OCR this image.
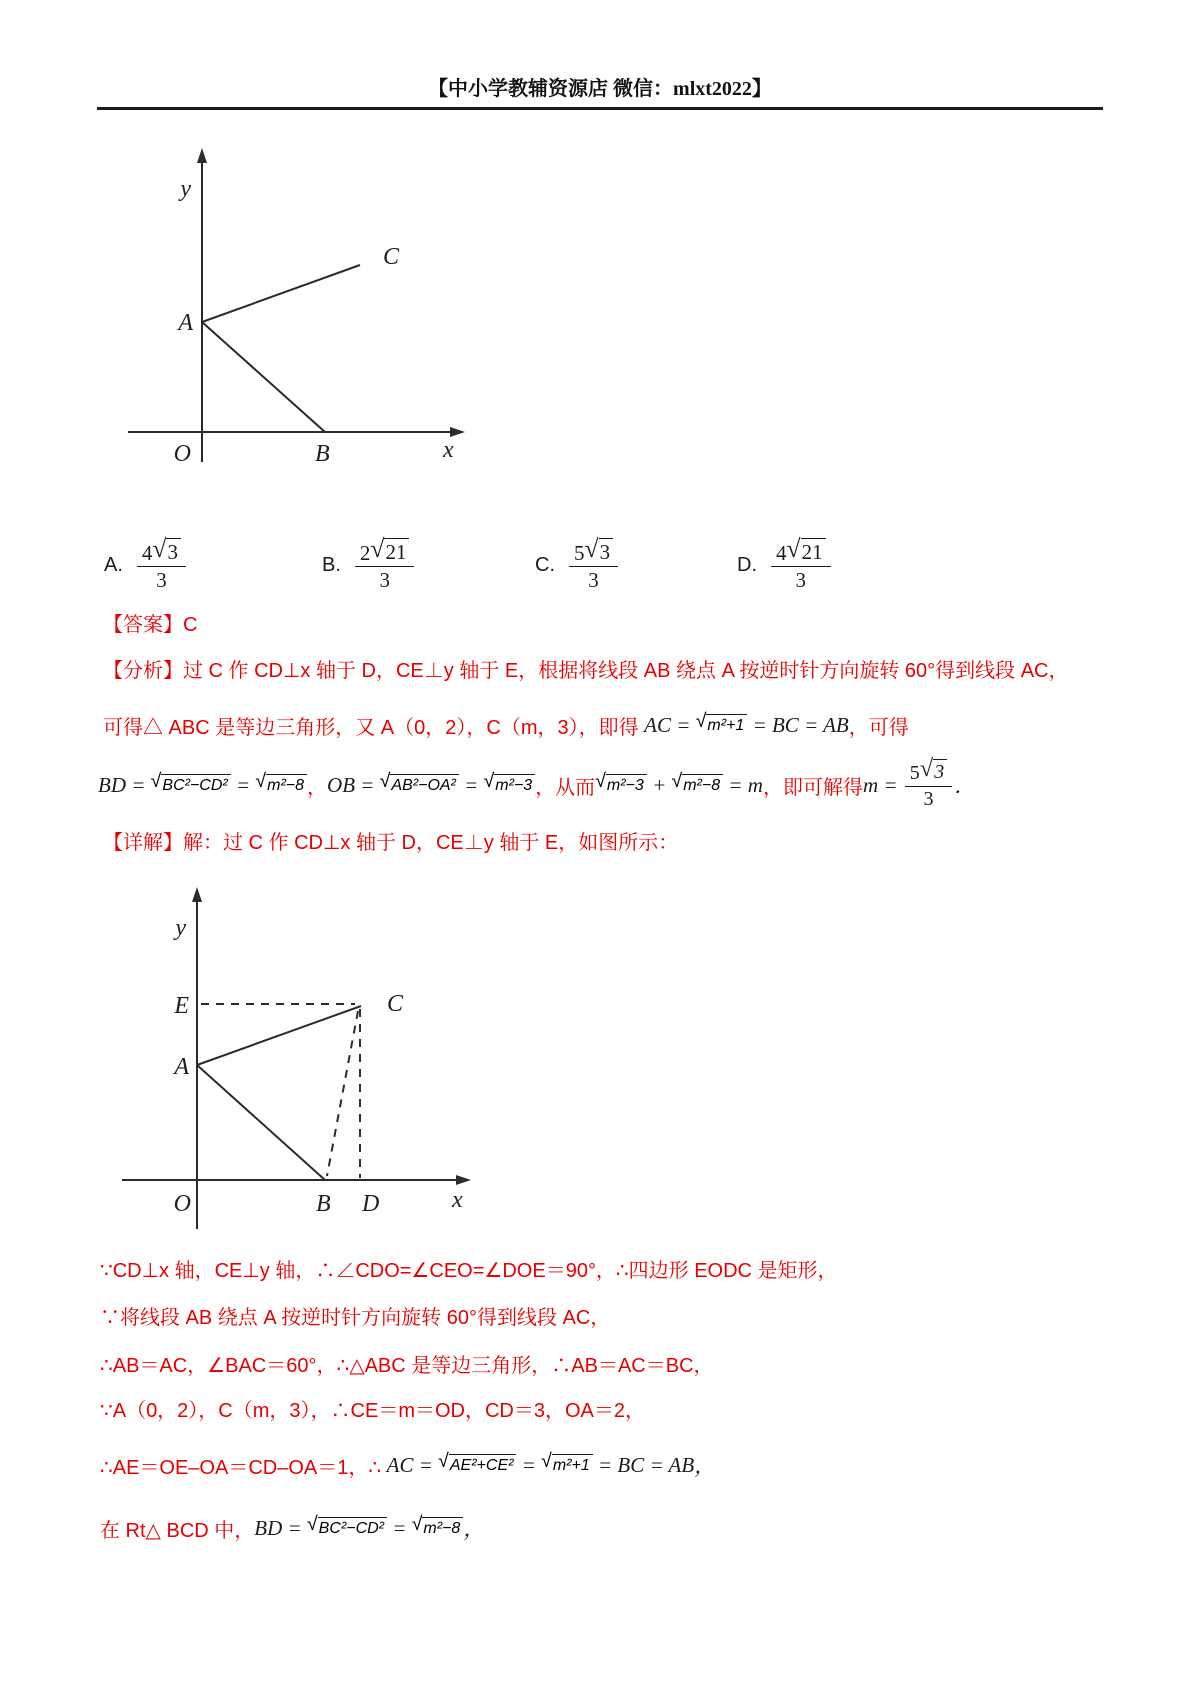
【中小学教辅资源店 微信：mlxt2022】
y
A
C
O	B	x
A. $\frac{4 √ 3}{3}$	B. $\frac{2 √ 21}{3}$	C. $\frac{5 √ 3}{3}$	D. $\frac{4 √ 21}{3}$
【答案】C
【分析】过 C 作 CD⊥x 轴于 D，CE⊥y 轴于 E，根据将线段 AB 绕点 A 按逆时针方向旋转 60°得到线段 AC，
可得△ ABC 是等边三角形，又 A（0，2），C（m，3），即得 AC = √ m²+1 = BC = AB ，可得
BD = √ BC²−CD² = √ m²−8 ， OB = √ AB²−OA² = √ m²−3 ，从而 √ m²−3 + √ m²−8 = m ，即可解得 $m = \frac{5 √ 3}{3}$ ．
【详解】解：过 C 作 CD⊥x 轴于 D，CE⊥y 轴于 E，如图所示：
∵CD⊥x 轴，CE⊥y 轴，∴∠CDO=∠CEO=∠DOE＝90°，∴四边形 EODC 是矩形，
∵将线段 AB 绕点 A 按逆时针方向旋转 60°得到线段 AC，
∴AB＝AC，∠BAC＝60°，∴△ABC 是等边三角形，∴AB＝AC＝BC，
∵A（0，2），C（m，3），∴CE＝m＝OD，CD＝3，OA＝2，
∴AE＝OE–OA＝CD–OA＝1，∴ AC = √ AE²+CE² = √ m²+1 = BC = AB ，
在 Rt△ BCD 中， BD = √ BC²−CD² = √ m²−8 ，
y
E
A
C
O	B D	x
